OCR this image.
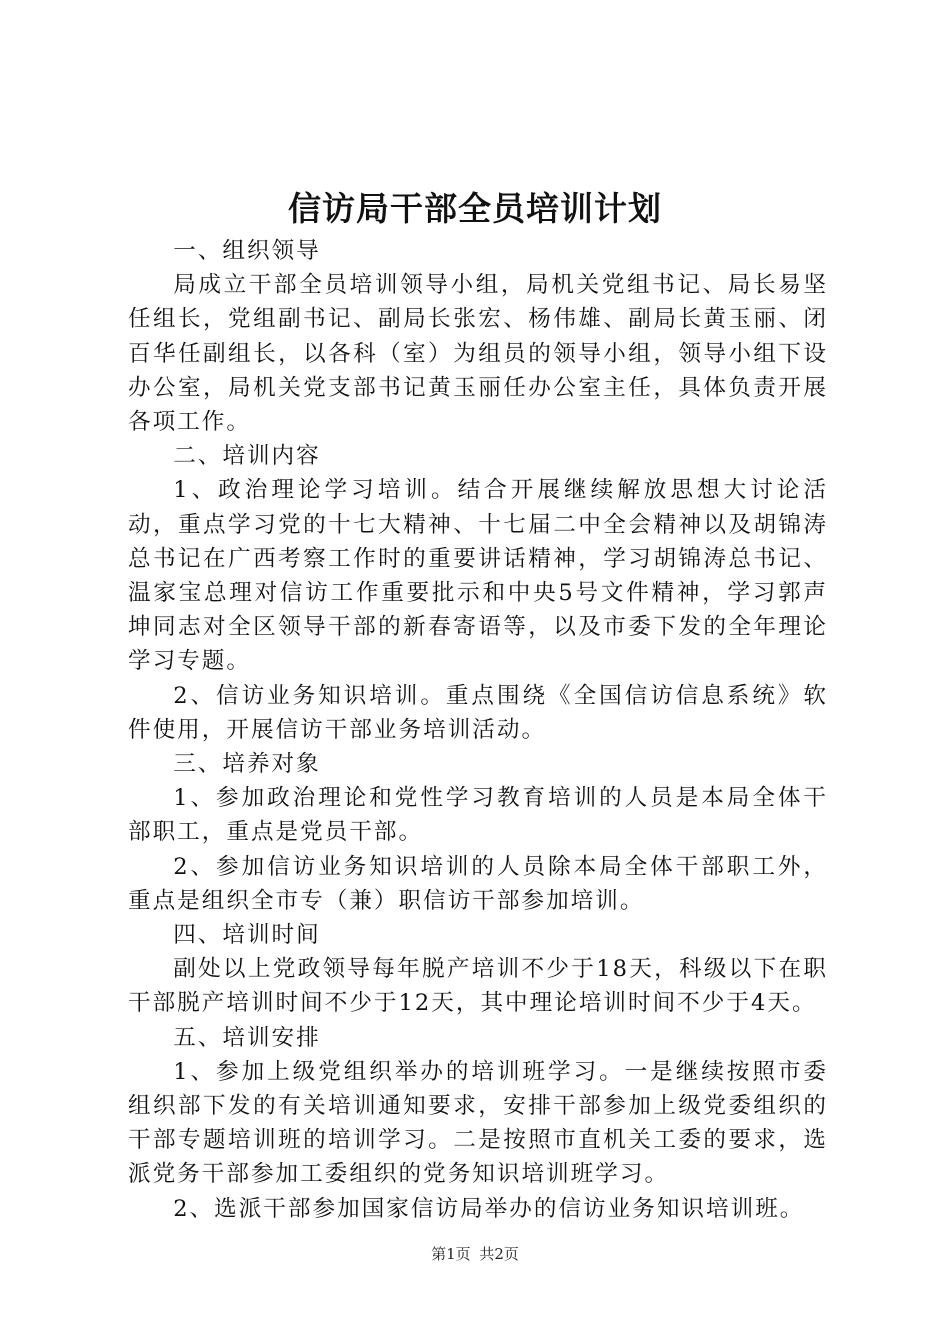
信访局干部全员培训计划

一、组织领导

局成立干部全员培训领导小组，局机关党组书记、局长易坚任组长，党组副书记、副局长张宏、杨伟雄、副局长黄玉丽、闭百华任副组长，以各科（室）为组员的领导小组，领导小组下设办公室，局机关党支部书记黄玉丽任办公室主任，具体负责开展各项工作。

二、培训内容

1、政治理论学习培训。结合开展继续解放思想大讨论活动，重点学习党的十七大精神、十七届二中全会精神以及胡锦涛总书记在广西考察工作时的重要讲话精神，学习胡锦涛总书记、温家宝总理对信访工作重要批示和中央5号文件精神，学习郭声坤同志对全区领导干部的新春寄语等，以及市委下发的全年理论学习专题。

2、信访业务知识培训。重点围绕《全国信访信息系统》软件使用，开展信访干部业务培训活动。

三、培养对象

1、参加政治理论和党性学习教育培训的人员是本局全体干部职工，重点是党员干部。

2、参加信访业务知识培训的人员除本局全体干部职工外，重点是组织全市专（兼）职信访干部参加培训。

四、培训时间

副处以上党政领导每年脱产培训不少于18天，科级以下在职干部脱产培训时间不少于12天，其中理论培训时间不少于4天。

五、培训安排

1、参加上级党组织举办的培训班学习。一是继续按照市委组织部下发的有关培训通知要求，安排干部参加上级党委组织的干部专题培训班的培训学习。二是按照市直机关工委的要求，选派党务干部参加工委组织的党务知识培训班学习。

2、选派干部参加国家信访局举办的信访业务知识培训班。

第1页 共2页
